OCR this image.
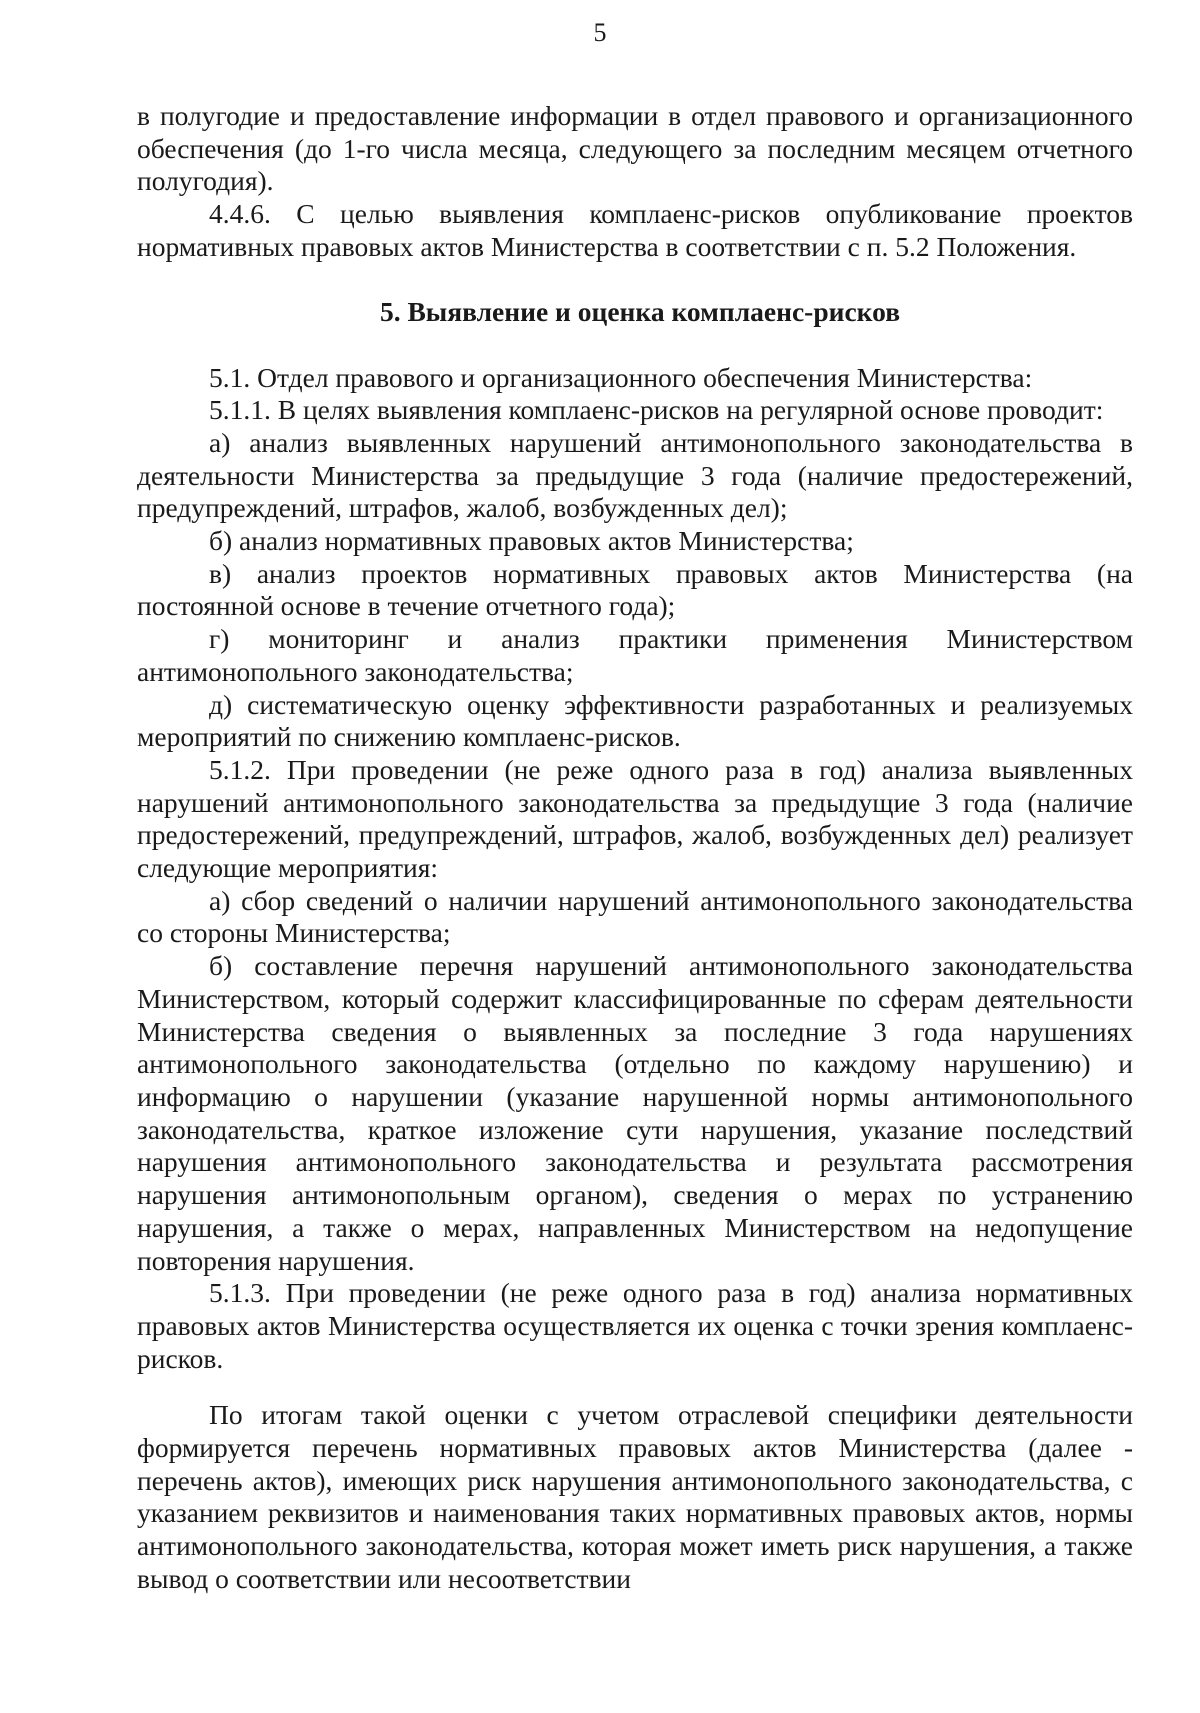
5

в полугодие и предоставление информации в отдел правового и организационного обеспечения (до 1-го числа месяца, следующего за последним месяцем отчетного полугодия).

4.4.6. С целью выявления комплаенс-рисков опубликование проектов нормативных правовых актов Министерства в соответствии с п. 5.2 Положения.

5. Выявление и оценка комплаенс-рисков

5.1. Отдел правового и организационного обеспечения Министерства:

5.1.1. В целях выявления комплаенс-рисков на регулярной основе проводит:

а) анализ выявленных нарушений антимонопольного законодательства в деятельности Министерства за предыдущие 3 года (наличие предостережений, предупреждений, штрафов, жалоб, возбужденных дел);

б) анализ нормативных правовых актов Министерства;

в) анализ проектов нормативных правовых актов Министерства (на постоянной основе в течение отчетного года);

г) мониторинг и анализ практики применения Министерством антимонопольного законодательства;

д) систематическую оценку эффективности разработанных и реализуемых мероприятий по снижению комплаенс-рисков.

5.1.2. При проведении (не реже одного раза в год) анализа выявленных нарушений антимонопольного законодательства за предыдущие 3 года (наличие предостережений, предупреждений, штрафов, жалоб, возбужденных дел) реализует следующие мероприятия:

а) сбор сведений о наличии нарушений антимонопольного законодательства со стороны Министерства;

б) составление перечня нарушений антимонопольного законодательства Министерством, который содержит классифицированные по сферам деятельности Министерства сведения о выявленных за последние 3 года нарушениях антимонопольного законодательства (отдельно по каждому нарушению) и информацию о нарушении (указание нарушенной нормы антимонопольного законодательства, краткое изложение сути нарушения, указание последствий нарушения антимонопольного законодательства и результата рассмотрения нарушения антимонопольным органом), сведения о мерах по устранению нарушения, а также о мерах, направленных Министерством на недопущение повторения нарушения.

5.1.3. При проведении (не реже одного раза в год) анализа нормативных правовых актов Министерства осуществляется их оценка с точки зрения комплаенс-рисков.

По итогам такой оценки с учетом отраслевой специфики деятельности формируется перечень нормативных правовых актов Министерства (далее - перечень актов), имеющих риск нарушения антимонопольного законодательства, с указанием реквизитов и наименования таких нормативных правовых актов, нормы антимонопольного законодательства, которая может иметь риск нарушения, а также вывод о соответствии или несоответствии
